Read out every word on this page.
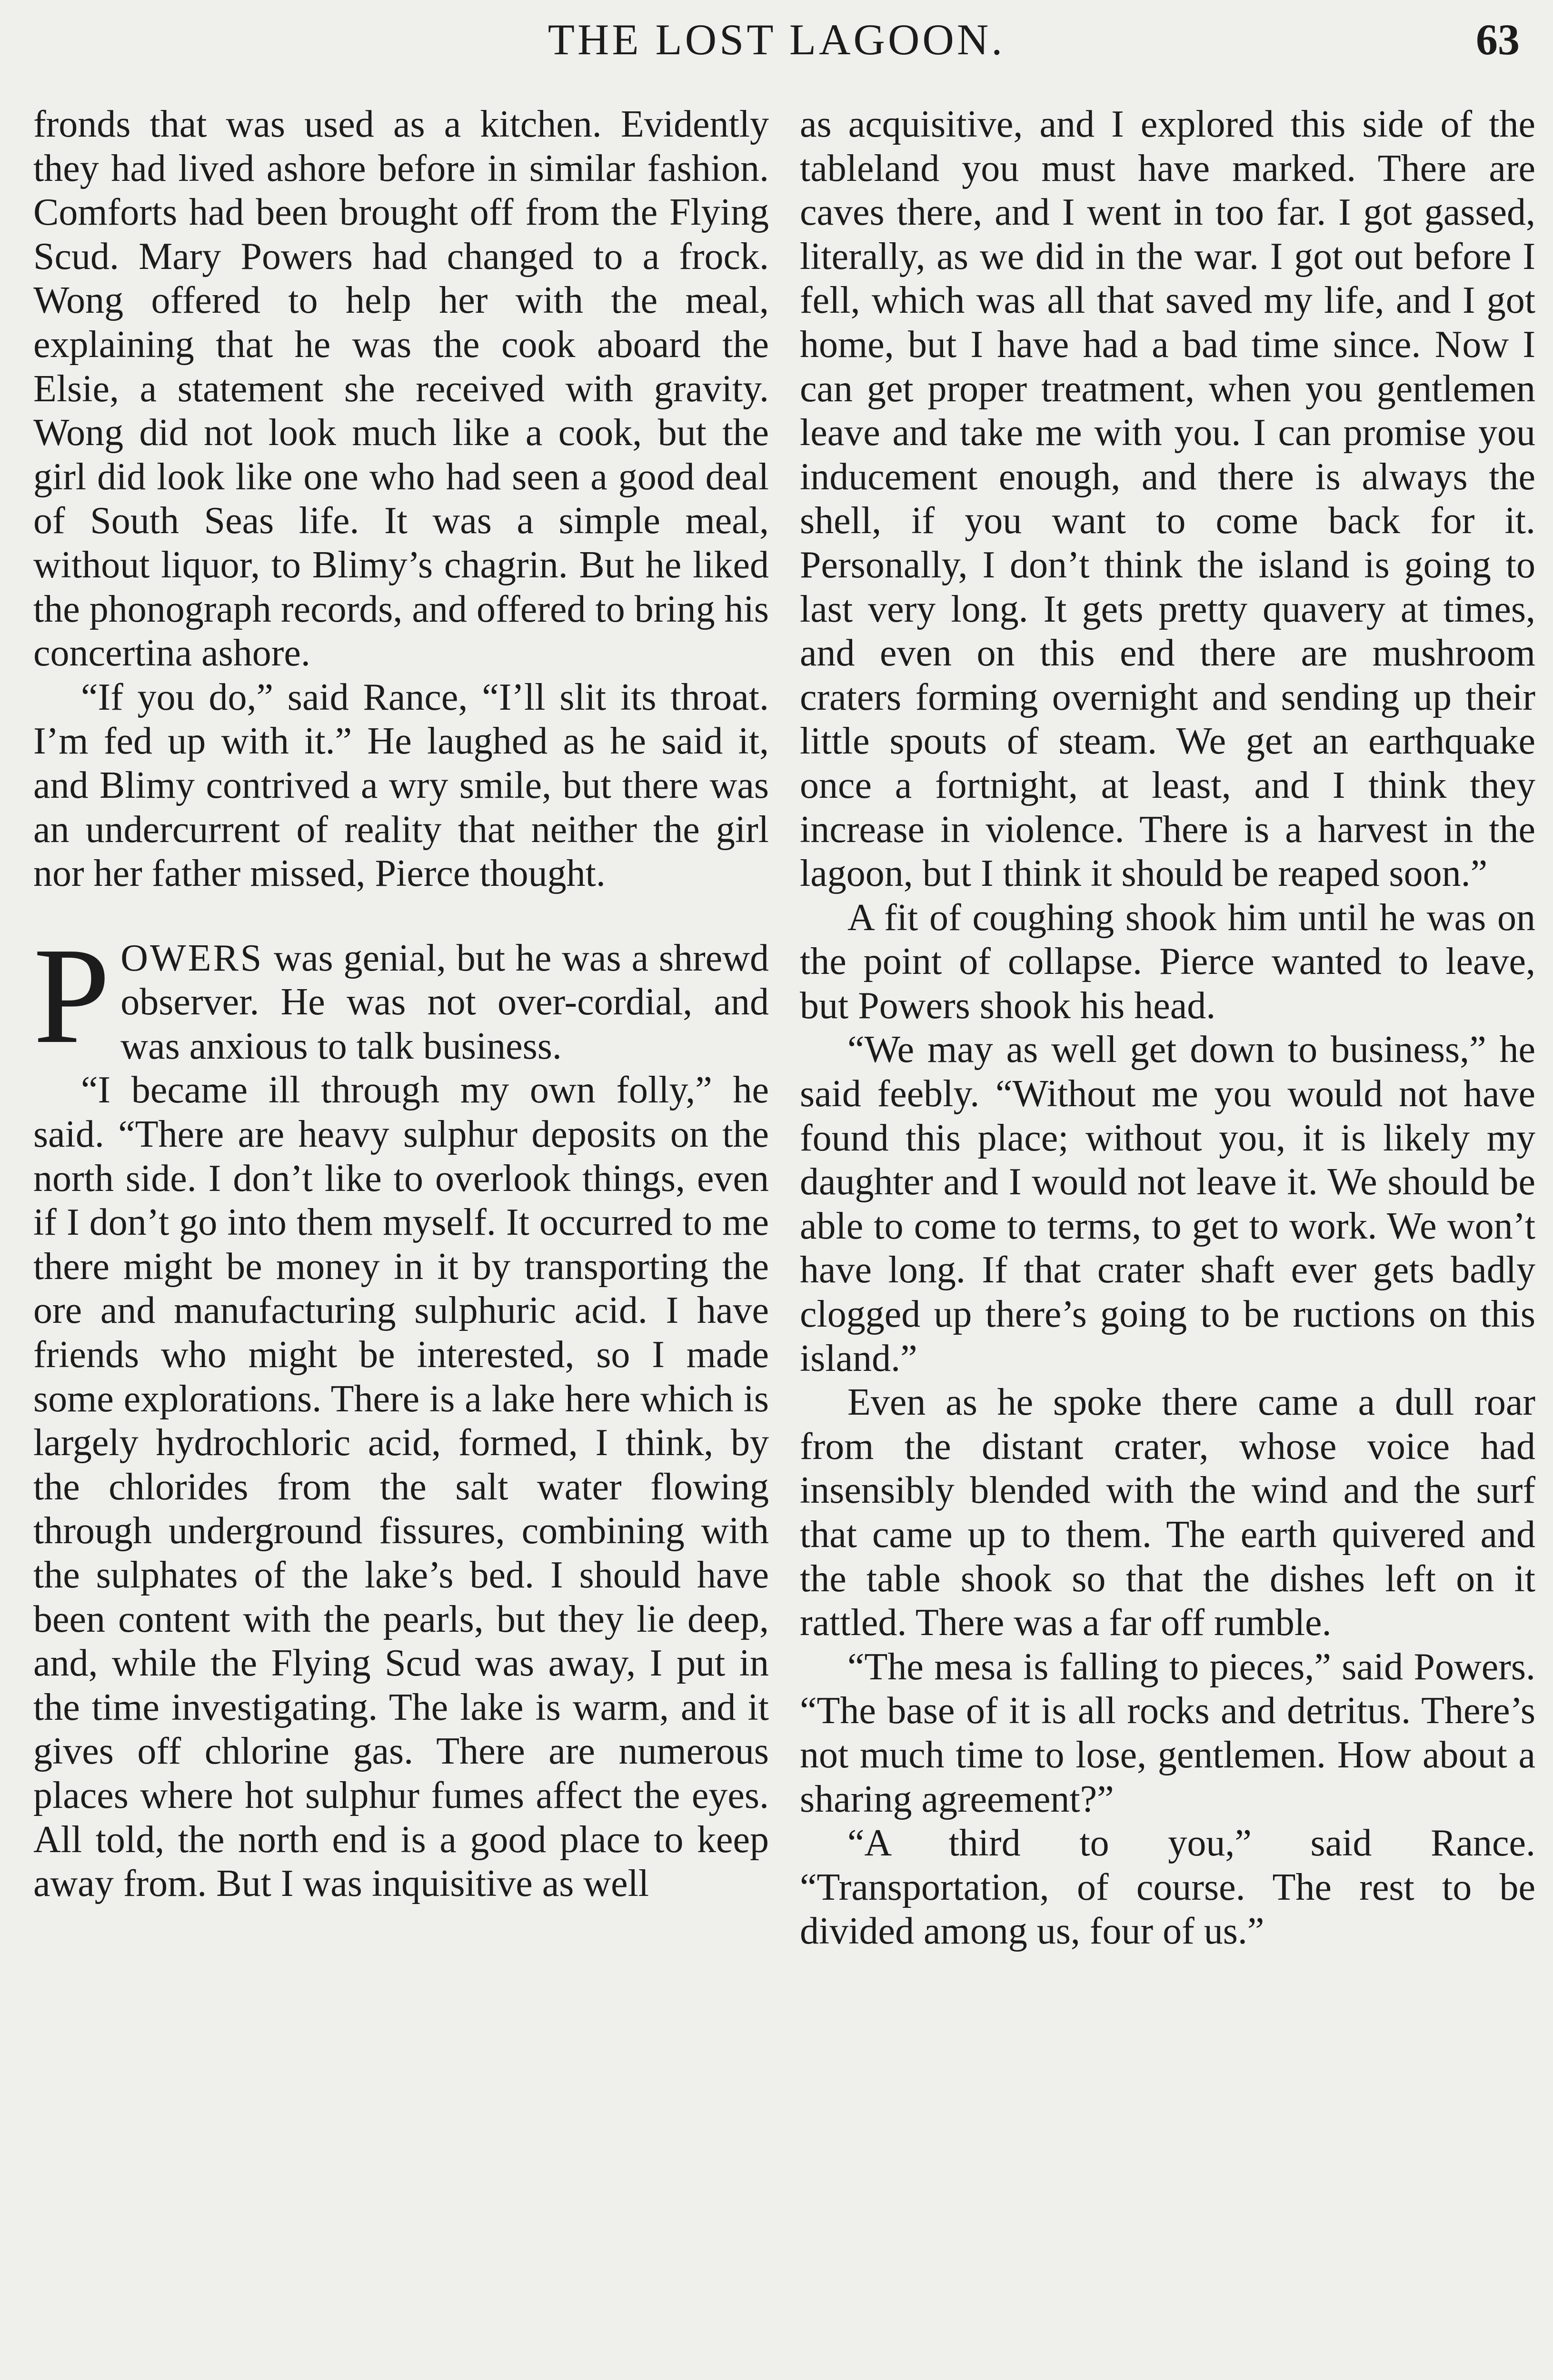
THE LOST LAGOON.	63

fronds that was used as a kitchen. Evidently they had lived ashore before in similar fashion. Comforts had been brought off from the Flying Scud. Mary Powers had changed to a frock. Wong offered to help her with the meal, explaining that he was the cook aboard the Elsie, a statement she received with gravity. Wong did not look much like a cook, but the girl did look like one who had seen a good deal of South Seas life. It was a simple meal, without liquor, to Blimy’s chagrin. But he liked the phonograph records, and offered to bring his concertina ashore.

“If you do,” said Rance, “I’ll slit its throat. I’m fed up with it.” He laughed as he said it, and Blimy contrived a wry smile, but there was an undercurrent of reality that neither the girl nor her father missed, Pierce thought.

POWERS was genial, but he was a shrewd observer. He was not over-cordial, and was anxious to talk business.

“I became ill through my own folly,” he said. “There are heavy sulphur deposits on the north side. I don’t like to overlook things, even if I don’t go into them myself. It occurred to me there might be money in it by transporting the ore and manufacturing sulphuric acid. I have friends who might be interested, so I made some explorations. There is a lake here which is largely hydrochloric acid, formed, I think, by the chlorides from the salt water flowing through underground fissures, combining with the sulphates of the lake’s bed. I should have been content with the pearls, but they lie deep, and, while the Flying Scud was away, I put in the time investigating. The lake is warm, and it gives off chlorine gas. There are numerous places where hot sulphur fumes affect the eyes. All told, the north end is a good place to keep away from. But I was inquisitive as well

as acquisitive, and I explored this side of the tableland you must have marked. There are caves there, and I went in too far. I got gassed, literally, as we did in the war. I got out before I fell, which was all that saved my life, and I got home, but I have had a bad time since. Now I can get proper treatment, when you gentlemen leave and take me with you. I can promise you inducement enough, and there is always the shell, if you want to come back for it. Personally, I don’t think the island is going to last very long. It gets pretty quavery at times, and even on this end there are mushroom craters forming overnight and sending up their little spouts of steam. We get an earthquake once a fortnight, at least, and I think they increase in violence. There is a harvest in the lagoon, but I think it should be reaped soon.”

A fit of coughing shook him until he was on the point of collapse. Pierce wanted to leave, but Powers shook his head.

“We may as well get down to business,” he said feebly. “Without me you would not have found this place; without you, it is likely my daughter and I would not leave it. We should be able to come to terms, to get to work. We won’t have long. If that crater shaft ever gets badly clogged up there’s going to be ructions on this island.”

Even as he spoke there came a dull roar from the distant crater, whose voice had insensibly blended with the wind and the surf that came up to them. The earth quivered and the table shook so that the dishes left on it rattled. There was a far off rumble.

“The mesa is falling to pieces,” said Powers. “The base of it is all rocks and detritus. There’s not much time to lose, gentlemen. How about a sharing agreement?”

“A third to you,” said Rance. “Transportation, of course. The rest to be divided among us, four of us.”
